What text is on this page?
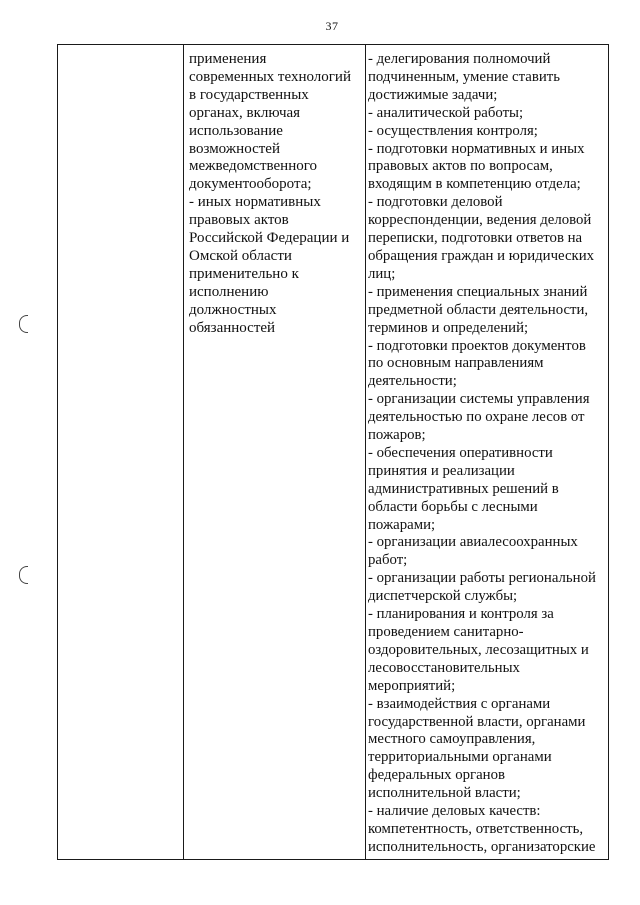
37
применения
современных технологий
в государственных
органах, включая
использование
возможностей
межведомственного
документооборота;
- иных нормативных
правовых актов
Российской Федерации и
Омской области
применительно к
исполнению
должностных
обязанностей
- делегирования полномочий
подчиненным, умение ставить
достижимые задачи;
- аналитической работы;
- осуществления контроля;
- подготовки нормативных и иных
правовых актов по вопросам,
входящим в компетенцию отдела;
- подготовки деловой
корреспонденции, ведения деловой
переписки, подготовки ответов на
обращения граждан и юридических
лиц;
- применения специальных знаний
предметной области деятельности,
терминов и определений;
- подготовки проектов документов
по основным направлениям
деятельности;
- организации системы управления
деятельностью по охране лесов от
пожаров;
- обеспечения оперативности
принятия и реализации
административных решений в
области борьбы с лесными
пожарами;
- организации авиалесоохранных
работ;
- организации работы региональной
диспетчерской службы;
- планирования и контроля за
проведением санитарно-
оздоровительных, лесозащитных и
лесовосстановительных
мероприятий;
- взаимодействия с органами
государственной власти, органами
местного самоуправления,
территориальными органами
федеральных органов
исполнительной власти;
- наличие деловых качеств:
компетентность, ответственность,
исполнительность, организаторские
